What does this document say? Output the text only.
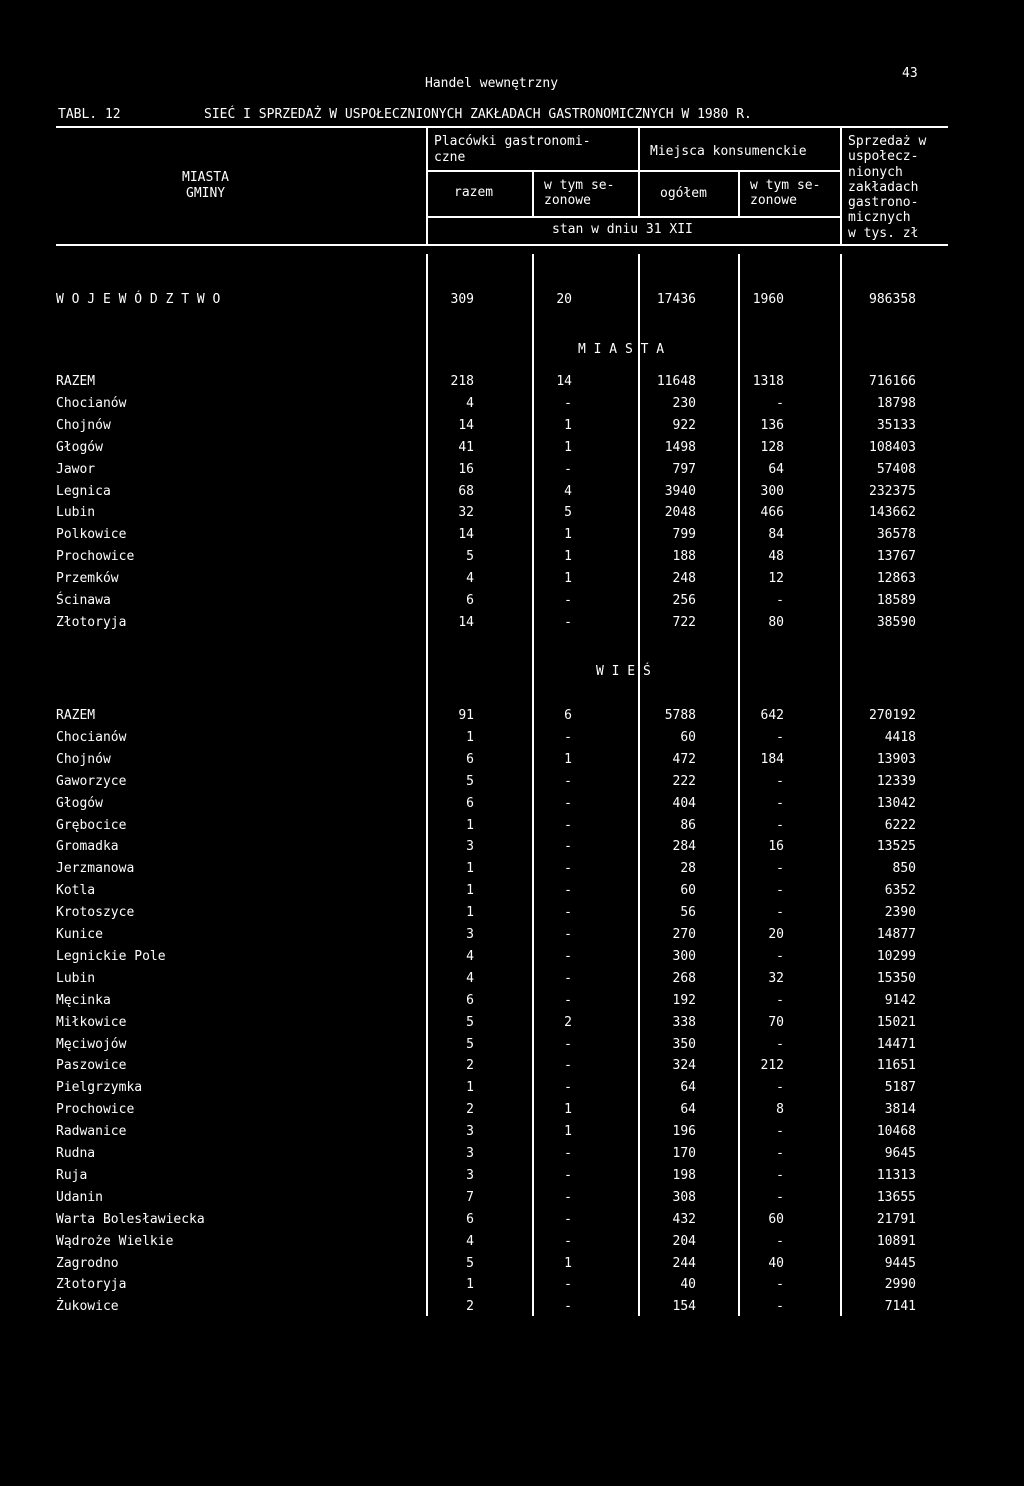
Handel wewnętrzny
43
TABL. 12	SIEĆ I SPRZEDAŻ W USPOŁECZNIONYCH ZAKŁADACH GASTRONOMICZNYCH W 1980 R.
MIASTA
GMINY
Placówki gastronomi-
czne
razem	w tym se-
zonowe
Miejsca konsumenckie
ogółem
w tym se-
zonowe
stan w dniu 31 XII
Sprzedaż w
uspołecz-
nionych
zakładach
gastrono-
micznych
w tys. zł
W O J E W Ó D Z T W O	309	20	17436	1960	986358
M I A S T A
W I E Ś
RAZEM	218	14	11648	1318	716166
Chocianów	4	-	230	-	18798
Chojnów	14	1	922	136	35133
Głogów	41	1	1498	128	108403
Jawor	16	-	797	64	57408
Legnica	68	4	3940	300	232375
Lubin	32	5	2048	466	143662
Polkowice	14	1	799	84	36578
Prochowice	5	1	188	48	13767
Przemków	4	1	248	12	12863
Ścinawa	6	-	256	-	18589
Złotoryja	14	-	722	80	38590
RAZEM	91	6	5788	642	270192
Chocianów	1	-	60	-	4418
Chojnów	6	1	472	184	13903
Gaworzyce	5	-	222	-	12339
Głogów	6	-	404	-	13042
Grębocice	1	-	86	-	6222
Gromadka	3	-	284	16	13525
Jerzmanowa	1	-	28	-	850
Kotla	1	-	60	-	6352
Krotoszyce	1	-	56	-	2390
Kunice	3	-	270	20	14877
Legnickie Pole	4	-	300	-	10299
Lubin	4	-	268	32	15350
Męcinka	6	-	192	-	9142
Miłkowice	5	2	338	70	15021
Męciwojów	5	-	350	-	14471
Paszowice	2	-	324	212	11651
Pielgrzymka	1	-	64	-	5187
Prochowice	2	1	64	8	3814
Radwanice	3	1	196	-	10468
Rudna	3	-	170	-	9645
Ruja	3	-	198	-	11313
Udanin	7	-	308	-	13655
Warta Bolesławiecka	6	-	432	60	21791
Wądroże Wielkie	4	-	204	-	10891
Zagrodno	5	1	244	40	9445
Złotoryja	1	-	40	-	2990
Żukowice	2	-	154	-	7141
